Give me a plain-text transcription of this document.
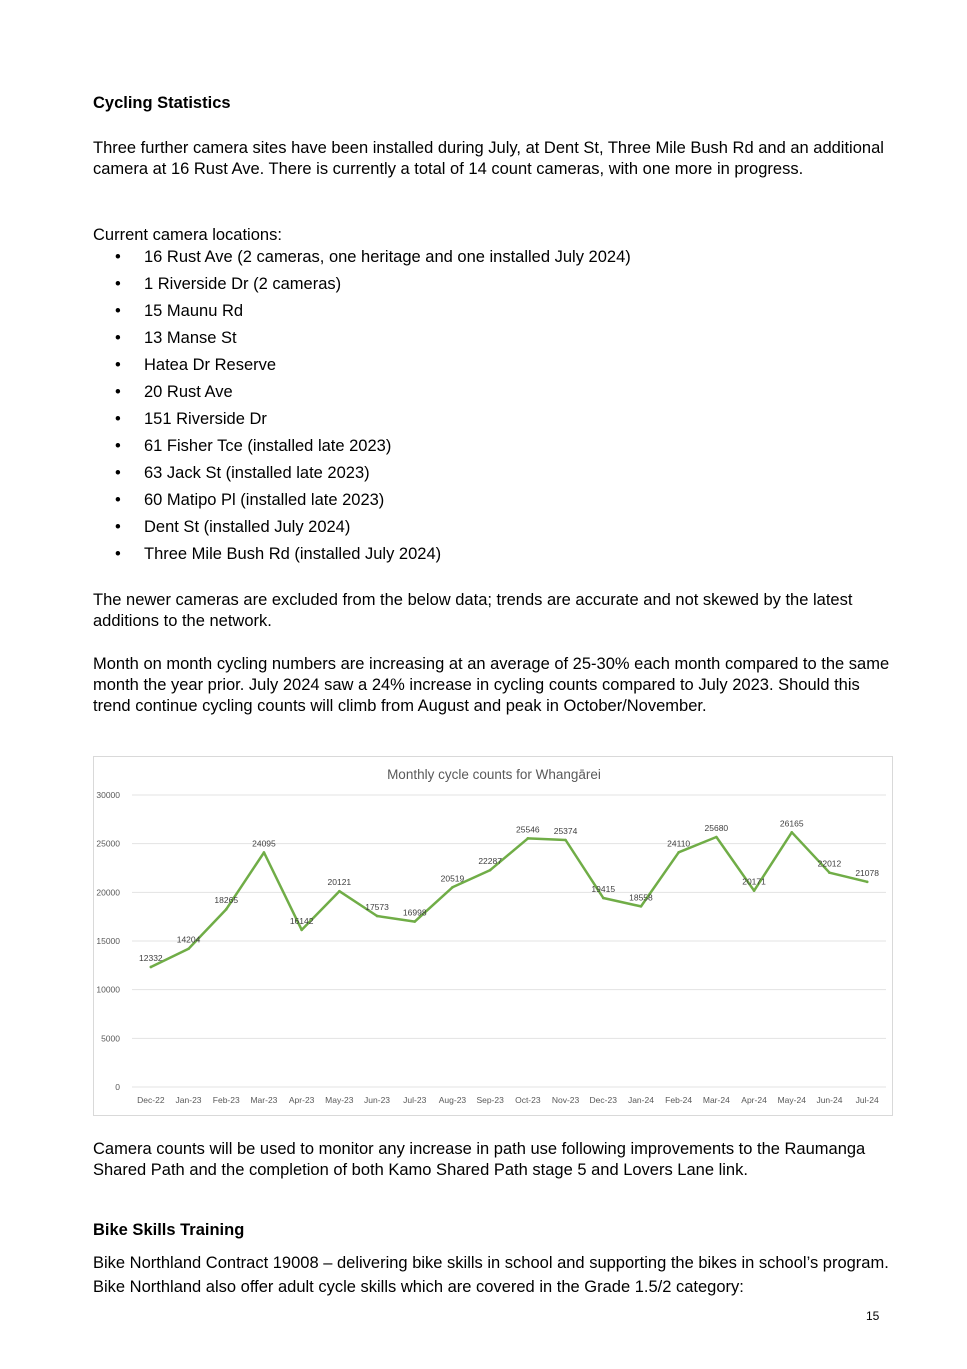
Cycling Statistics

Three further camera sites have been installed during July, at Dent St, Three Mile Bush Rd and an additional camera at 16 Rust Ave. There is currently a total of 14 count cameras, with one more in progress.

Current camera locations:

• 16 Rust Ave (2 cameras, one heritage and one installed July 2024)
• 1 Riverside Dr (2 cameras)
• 15 Maunu Rd
• 13 Manse St
• Hatea Dr Reserve
• 20 Rust Ave
• 151 Riverside Dr
• 61 Fisher Tce (installed late 2023)
• 63 Jack St (installed late 2023)
• 60 Matipo Pl (installed late 2023)
• Dent St (installed July 2024)
• Three Mile Bush Rd (installed July 2024)

The newer cameras are excluded from the below data; trends are accurate and not skewed by the latest additions to the network.

Month on month cycling numbers are increasing at an average of 25-30% each month compared to the same month the year prior. July 2024 saw a 24% increase in cycling counts compared to July 2023. Should this trend continue cycling counts will climb from August and peak in October/November.

Monthly cycle counts for Whangārei
0
5000
10000
15000
20000
25000
30000
Dec-22 Jan-23 Feb-23 Mar-23 Apr-23 May-23 Jun-23 Jul-23 Aug-23 Sep-23 Oct-23 Nov-23 Dec-23 Jan-24 Feb-24 Mar-24 Apr-24 May-24 Jun-24 Jul-24
12332
14204
18265
24095
16142
20121
17573
16998
20519
22287
25546 25374
19415
18558
24110
25680
20171
26165
22012
21078

Camera counts will be used to monitor any increase in path use following improvements to the Raumanga Shared Path and the completion of both Kamo Shared Path stage 5 and Lovers Lane link.

Bike Skills Training

Bike Northland Contract 19008 – delivering bike skills in school and supporting the bikes in school’s program. Bike Northland also offer adult cycle skills which are covered in the Grade 1.5/2 category:

15
